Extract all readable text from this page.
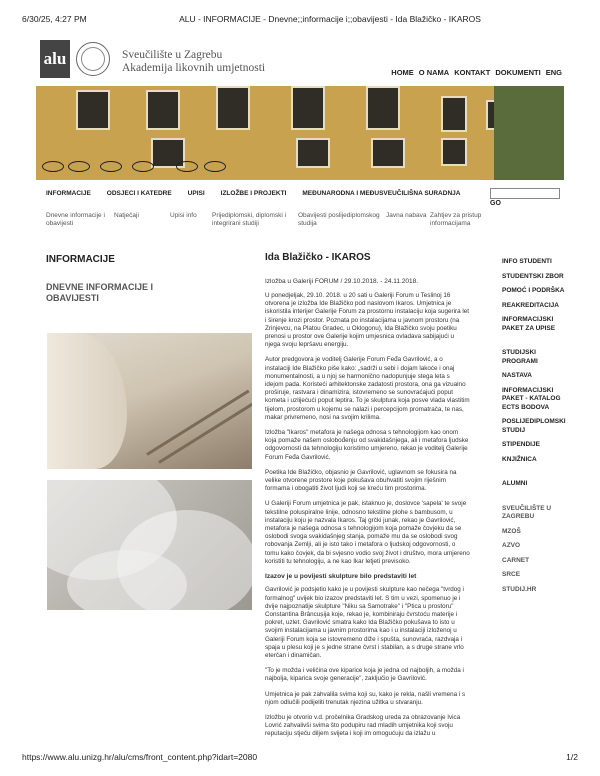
6/30/25, 4:27 PM	ALU - INFORMACIJE - Dnevne;;informacije i;;obavijesti - Ida Blažičko - IKAROS
alu	Sveučilište u Zagrebu
Akademija likovnih umjetnosti	HOME O NAMA KONTAKT DOKUMENTI ENG
INFORMACIJE ODSJECI I KATEDRE UPISI IZLOŽBE I PROJEKTI MEĐUNARODNA I MEĐUSVEUČILIŠNA SURADNJA
GO
Dnevne informacije i obavijesti
Natječaji	Upisi info	Prijediplomski, diplomski i integrirani studiji
Obavijesti poslijediplomskog studija
Javna nabava Zahtjev za pristup informacijama
INFORMACIJE
DNEVNE INFORMACIJE I OBAVIJESTI
Ida Blažičko - IKAROS
Izložba u Galeriji FORUM / 29.10.2018. - 24.11.2018.

U ponedjeljak, 29.10. 2018. u 20 sati u Galeriji Forum u Teslinoj 16 otvorena je izložba Ide Blažičko pod naslovom Ikaros. Umjetnica je iskoristila interijer Galerije Forum za prostornu instalaciju koja sugerira let i širenje krozi prostor. Poznata po instalacijama u javnom prostoru (na Zrinjevcu, na Platou Gradec, u Oklogonu), Ida Blažičko svoju poetiku prenosi u prostor ove Galerije kojim umjesnica ovladava sabijajući u njega svoju lepršavu energiju.

Autor predgovora je voditelj Galerije Forum Feđa Gavrilović, a o instalaciji Ide Blažičko piše kako: „sadrži u sebi i dojam lakoće i onaj monumentalnosti, a u njoj se harmonično nadopunjuje stega leta s idejom pada. Koristeći arhitektonske zadatosti prostora, ona ga vizualno proširuje, rastvara i dinamizira, istovremeno se sunovraćajući poput kometa i uzlijećući poput leptira. To je skulptura koja posve vlada vlastitim tijelom, prostorom u kojemu se nalazi i percepcijom promatrača, te nas, makar privremeno, nosi na svojim krilima.

Izložba "Ikaros" metafora je našega odnosa s tehnologijom kao onom koja pomaže našem oslobođenju od svakidašnjega, ali i metafora ljudske odgovornosti da tehnologiju koristimo umjereno, rekao je voditelj Galerije Forum Feđa Gavrilović.

Poetika Ide Blažičko, objasnio je Gavrilović, uglavnom se fokusira na velike otvorene prostore koje pokušava obuhvatiti svojim riješnim formama i obogatiti život ljudi koji se kreću tim prostorima.

U Galeriji Forum umjetnica je pak, istaknuo je, doslovce 'sapela' te svoje tekstilne poluspiralne linije, odnosno tekstilne plohe s bambusom, u instalaciju koju je nazvala Ikaros. Taj grčki junak, rekao je Gavrilović, metafora je našega odnosa s tehnologijom koja pomaže čovjeku da se oslobodi svoga svakidašnjeg stanja, pomaže mu da se oslobodi svog robovanja Zemlji, ali je isto tako i metafora o ljudskoj odgovornosti, o tomu kako čovjek, da bi svjesno vodio svoj život i društvo, mora umjereno koristiti tu tehnologiju, a ne kao Ikar letjeti previsoko.

Izazov je u povijesti skulpture bilo predstaviti let

Gavrilović je podsjetio kako je u povijesti skulpture kao nečega "tvrdog i formalnog" uvijek bio izazov predstaviti let. S tim u vezi, spomenuo je i dvije najpoznatije skulpture "Niku sa Samotrake" i "Ptica u prostoru" Constantina Brâncușija koje, rekao je, kombiniraju čvrstoću materije i pokret, uzlet. Gavrilović smatra kako Ida Blažičko pokušava to isto u svojim instalacijama u javnim prostorima kao i u instalaciji izloženoj u Galeriji Forum koja se istovremeno diže i spušta, sunovraća, razdvaja i spaja u plesu koji je s jedne strane čvrst i stabilan, a s druge strane vrlo eterčan i dinamičan.

"To je možda i veličina ove kiparice koja je jedna od najboljih, a možda i najbolja, kiparica svoje generacije", zaključio je Gavrilović.

Umjetnica je pak zahvalila svima koji su, kako je rekla, našli vremena i s njom odlučili podijeliti trenutak njezina užitka u stvaranju.

Izložbu je otvorio v.d. pročelnika Gradskog ureda za obrazovanje Ivica Lovrić zahvalivši svima što podupiru rad mladih umjetnika koji svoju reputaciju stječu diljem svijeta i koji im omogućuju da izlažu u

INFO STUDENTI
STUDENTSKI ZBOR
POMOĆ I PODRŠKA
REAKREDITACIJA
INFORMACIJSKI PAKET ZA UPISE
STUDIJSKI PROGRAMI
NASTAVA
INFORMACIJSKI PAKET - KATALOG ECTS BODOVA
POSLIJEDIPLOMSKI STUDIJ
STIPENDIJE
KNJIŽNICA
ALUMNI
SVEUČILIŠTE U ZAGREBU
MZOŠ
AZVO
CARNET
SRCE
STUDIJ.HR
https://www.alu.unizg.hr/alu/cms/front_content.php?idart=2080	1/2
